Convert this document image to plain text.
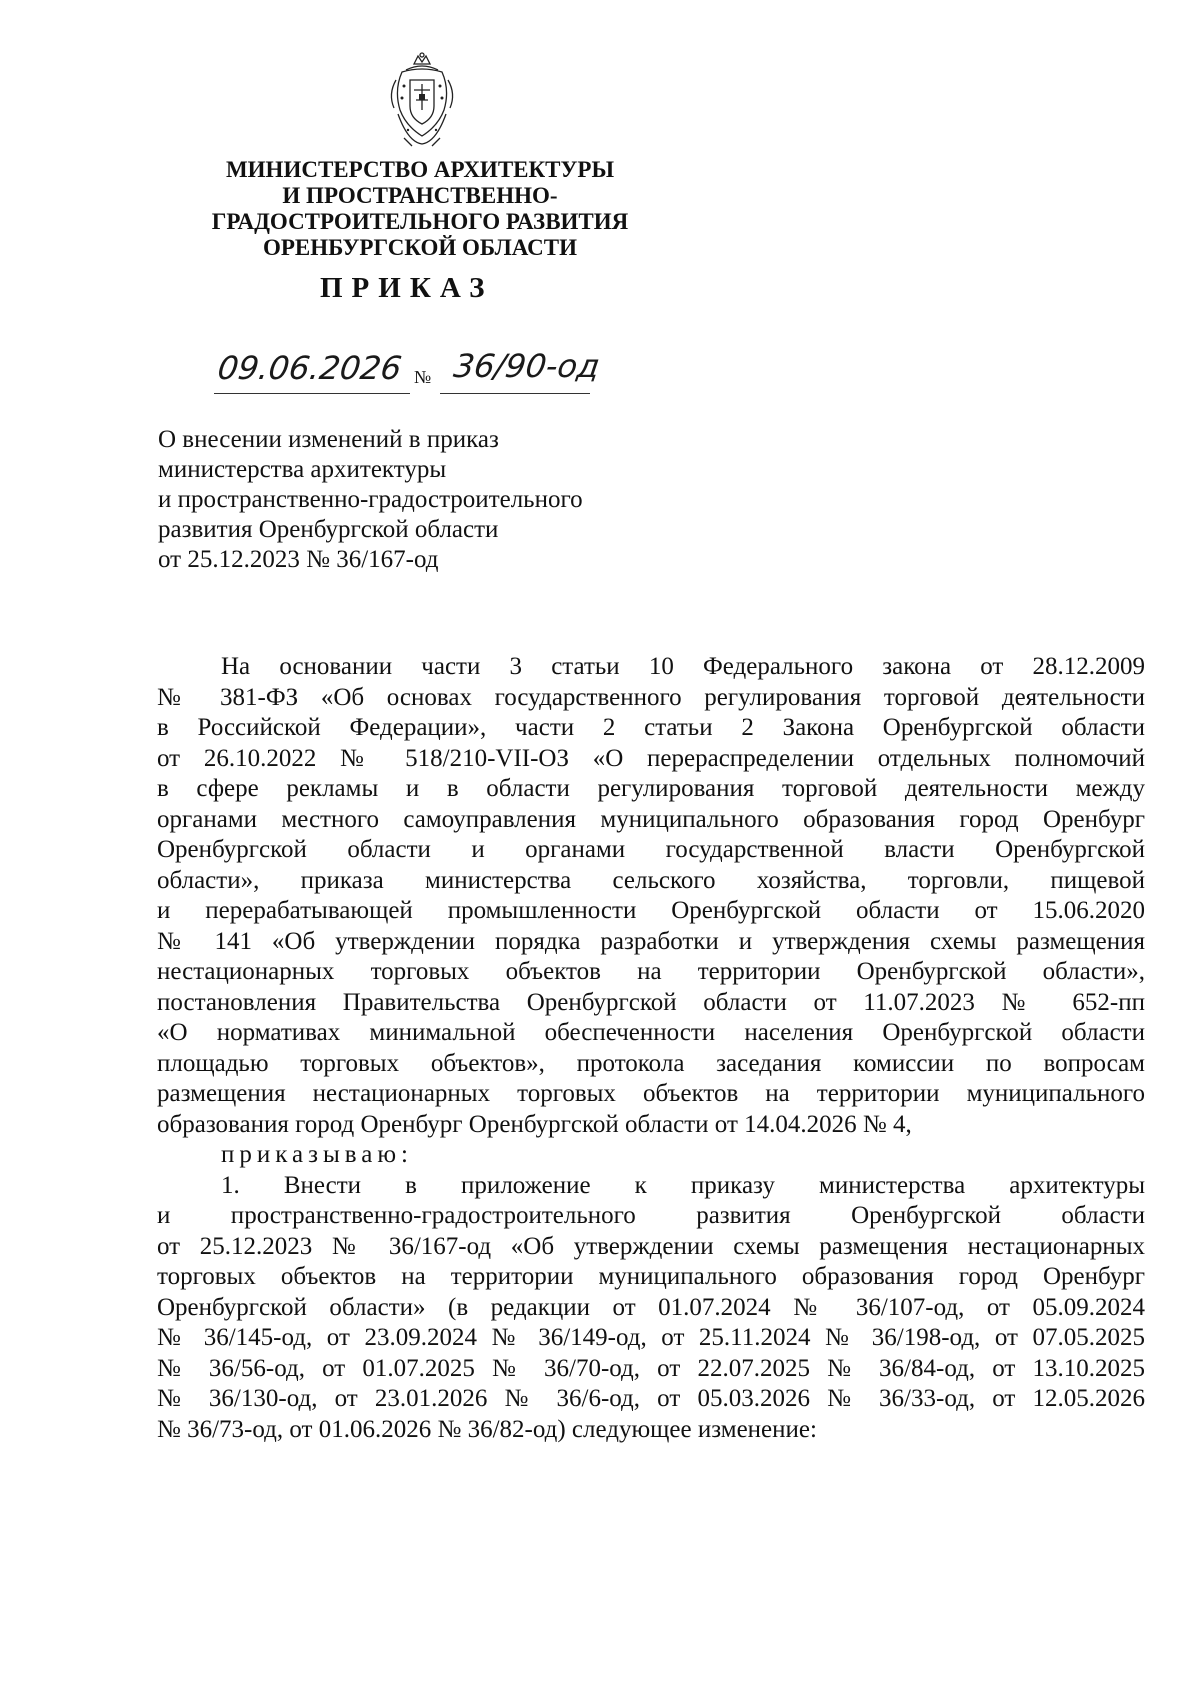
МИНИСТЕРСТВО АРХИТЕКТУРЫ
И ПРОСТРАНСТВЕННО-
ГРАДОСТРОИТЕЛЬНОГО РАЗВИТИЯ
ОРЕНБУРГСКОЙ ОБЛАСТИ
ПРИКАЗ
09.06.2026 № 36/90-од
О внесении изменений в приказ
министерства архитектуры
и пространственно-градостроительного
развития Оренбургской области
от 25.12.2023 № 36/167-од
На основании части 3 статьи 10 Федерального закона от 28.12.2009
№ 381-ФЗ «Об основах государственного регулирования торговой деятельности
в Российской Федерации», части 2 статьи 2 Закона Оренбургской области
от 26.10.2022 № 518/210-VII-ОЗ «О перераспределении отдельных полномочий
в сфере рекламы и в области регулирования торговой деятельности между
органами местного самоуправления муниципального образования город Оренбург
Оренбургской области и органами государственной власти Оренбургской
области», приказа министерства сельского хозяйства, торговли, пищевой
и перерабатывающей промышленности Оренбургской области от 15.06.2020
№ 141 «Об утверждении порядка разработки и утверждения схемы размещения
нестационарных торговых объектов на территории Оренбургской области»,
постановления Правительства Оренбургской области от 11.07.2023 № 652-пп
«О нормативах минимальной обеспеченности населения Оренбургской области
площадью торговых объектов», протокола заседания комиссии по вопросам
размещения нестационарных торговых объектов на территории муниципального
образования город Оренбург Оренбургской области от 14.04.2026 № 4,
приказываю:
1. Внести в приложение к приказу министерства архитектуры
и пространственно-градостроительного развития Оренбургской области
от 25.12.2023 № 36/167-од «Об утверждении схемы размещения нестационарных
торговых объектов на территории муниципального образования город Оренбург
Оренбургской области» (в редакции от 01.07.2024 № 36/107-од, от 05.09.2024
№ 36/145-од, от 23.09.2024 № 36/149-од, от 25.11.2024 № 36/198-од, от 07.05.2025
№ 36/56-од, от 01.07.2025 № 36/70-од, от 22.07.2025 № 36/84-од, от 13.10.2025
№ 36/130-од, от 23.01.2026 № 36/6-од, от 05.03.2026 № 36/33-од, от 12.05.2026
№ 36/73-од, от 01.06.2026 № 36/82-од) следующее изменение:
